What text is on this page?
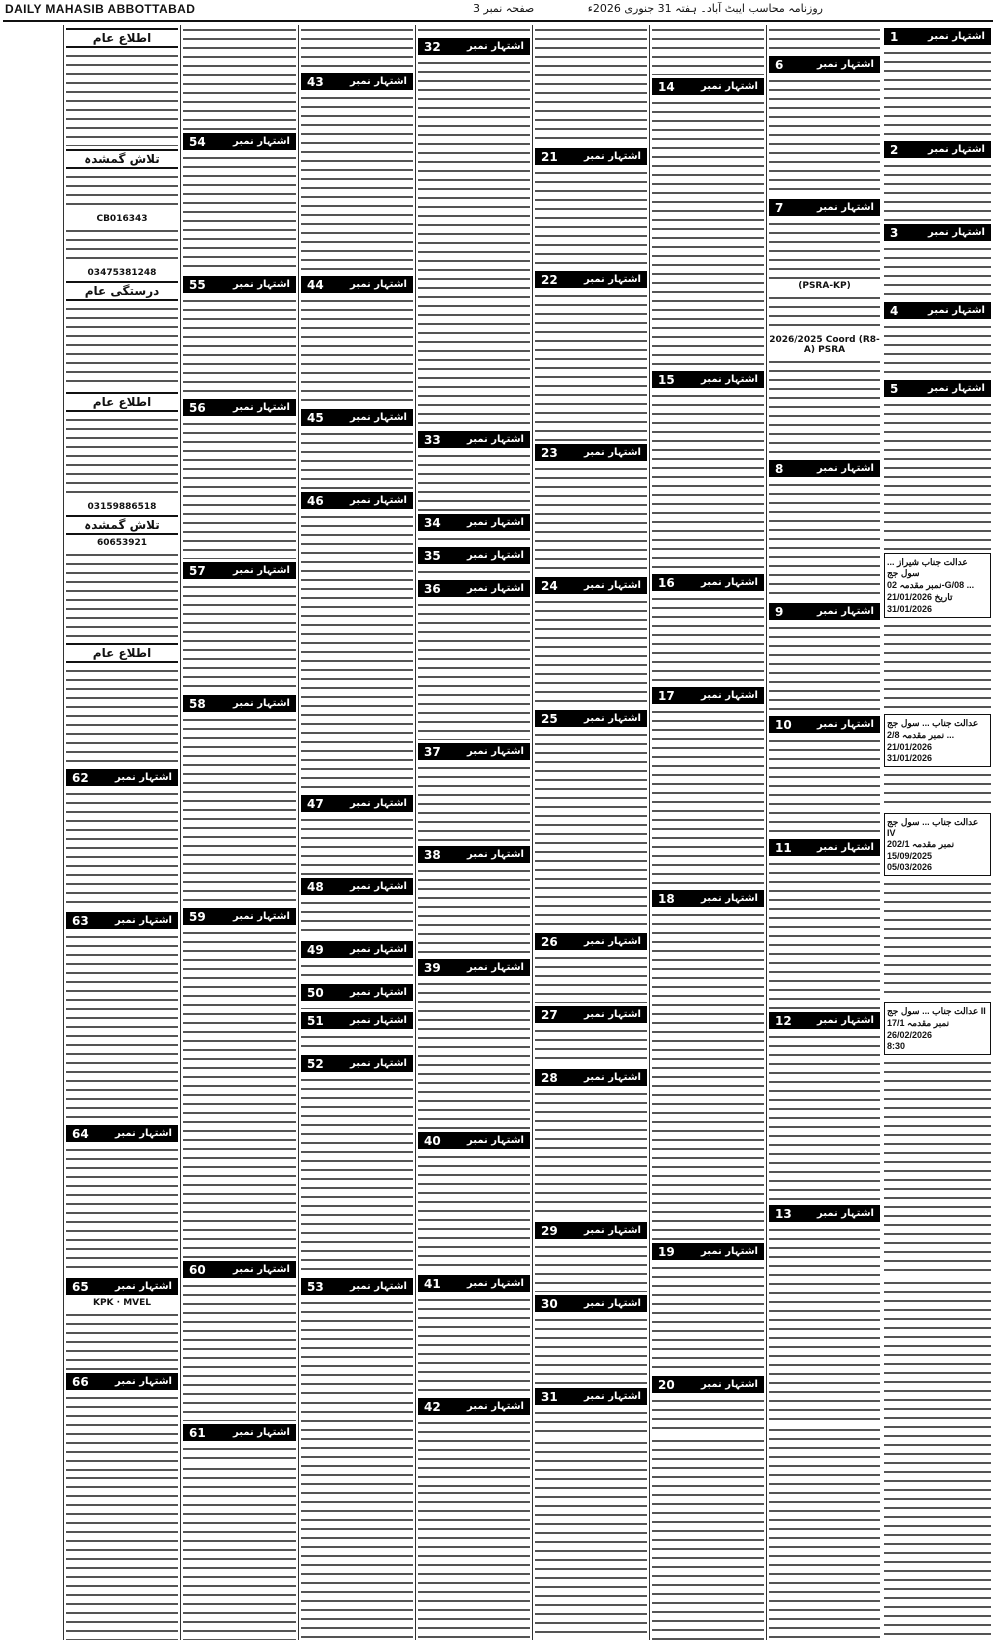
DAILY MAHASIB ABBOTTABAD	صفحہ نمبر 3	روزنامہ محاسب ایبٹ آباد۔ ہفتہ 31 جنوری 2026ء
1	اشتہار نمبر
2	اشتہار نمبر
3	اشتہار نمبر
4	اشتہار نمبر
5	اشتہار نمبر
عدالت جناب شیراز ... سول جج
نمبر مقدمہ 02-G/08 ...
تاریخ 21/01/2026
31/01/2026
عدالت جناب ... سول جج
نمبر مقدمہ 2/8 ...
21/01/2026
31/01/2026
عدالت جناب ... سول جج IV
نمبر مقدمہ 202/1
15/09/2025
05/03/2026
عدالت جناب ... سول جج II
17/1 نمبر مقدمہ
26/02/2026
8:30
6	اشتہار نمبر
7	اشتہار نمبر
(PSRA-KP)
2026/2025 Coord (R8-A) PSRA
8	اشتہار نمبر
9	اشتہار نمبر
10	اشتہار نمبر
11	اشتہار نمبر
12	اشتہار نمبر
13	اشتہار نمبر
14	اشتہار نمبر
15	اشتہار نمبر
16	اشتہار نمبر
17	اشتہار نمبر
18	اشتہار نمبر
19	اشتہار نمبر
20	اشتہار نمبر
21	اشتہار نمبر
22	اشتہار نمبر
23	اشتہار نمبر
24	اشتہار نمبر
25	اشتہار نمبر
26	اشتہار نمبر
27	اشتہار نمبر
28	اشتہار نمبر
29	اشتہار نمبر
30	اشتہار نمبر
31	اشتہار نمبر
32	اشتہار نمبر
33	اشتہار نمبر
34	اشتہار نمبر
35	اشتہار نمبر
36	اشتہار نمبر
37	اشتہار نمبر
38	اشتہار نمبر
39	اشتہار نمبر
40	اشتہار نمبر
41	اشتہار نمبر
42	اشتہار نمبر
43	اشتہار نمبر
44	اشتہار نمبر
45	اشتہار نمبر
46	اشتہار نمبر
47	اشتہار نمبر
48	اشتہار نمبر
49	اشتہار نمبر
50	اشتہار نمبر
51	اشتہار نمبر
52	اشتہار نمبر
53	اشتہار نمبر
54	اشتہار نمبر
55	اشتہار نمبر
56	اشتہار نمبر
57	اشتہار نمبر
58	اشتہار نمبر
59	اشتہار نمبر
60	اشتہار نمبر
61	اشتہار نمبر
اطلاع عام
تلاش گمشدہ
CB016343
03475381248
درستگی عام
اطلاع عام
03159886518
تلاش گمشدہ
60653921
اطلاع عام
62	اشتہار نمبر
63	اشتہار نمبر
64	اشتہار نمبر
65	اشتہار نمبر
KPK · MVEL
66	اشتہار نمبر
